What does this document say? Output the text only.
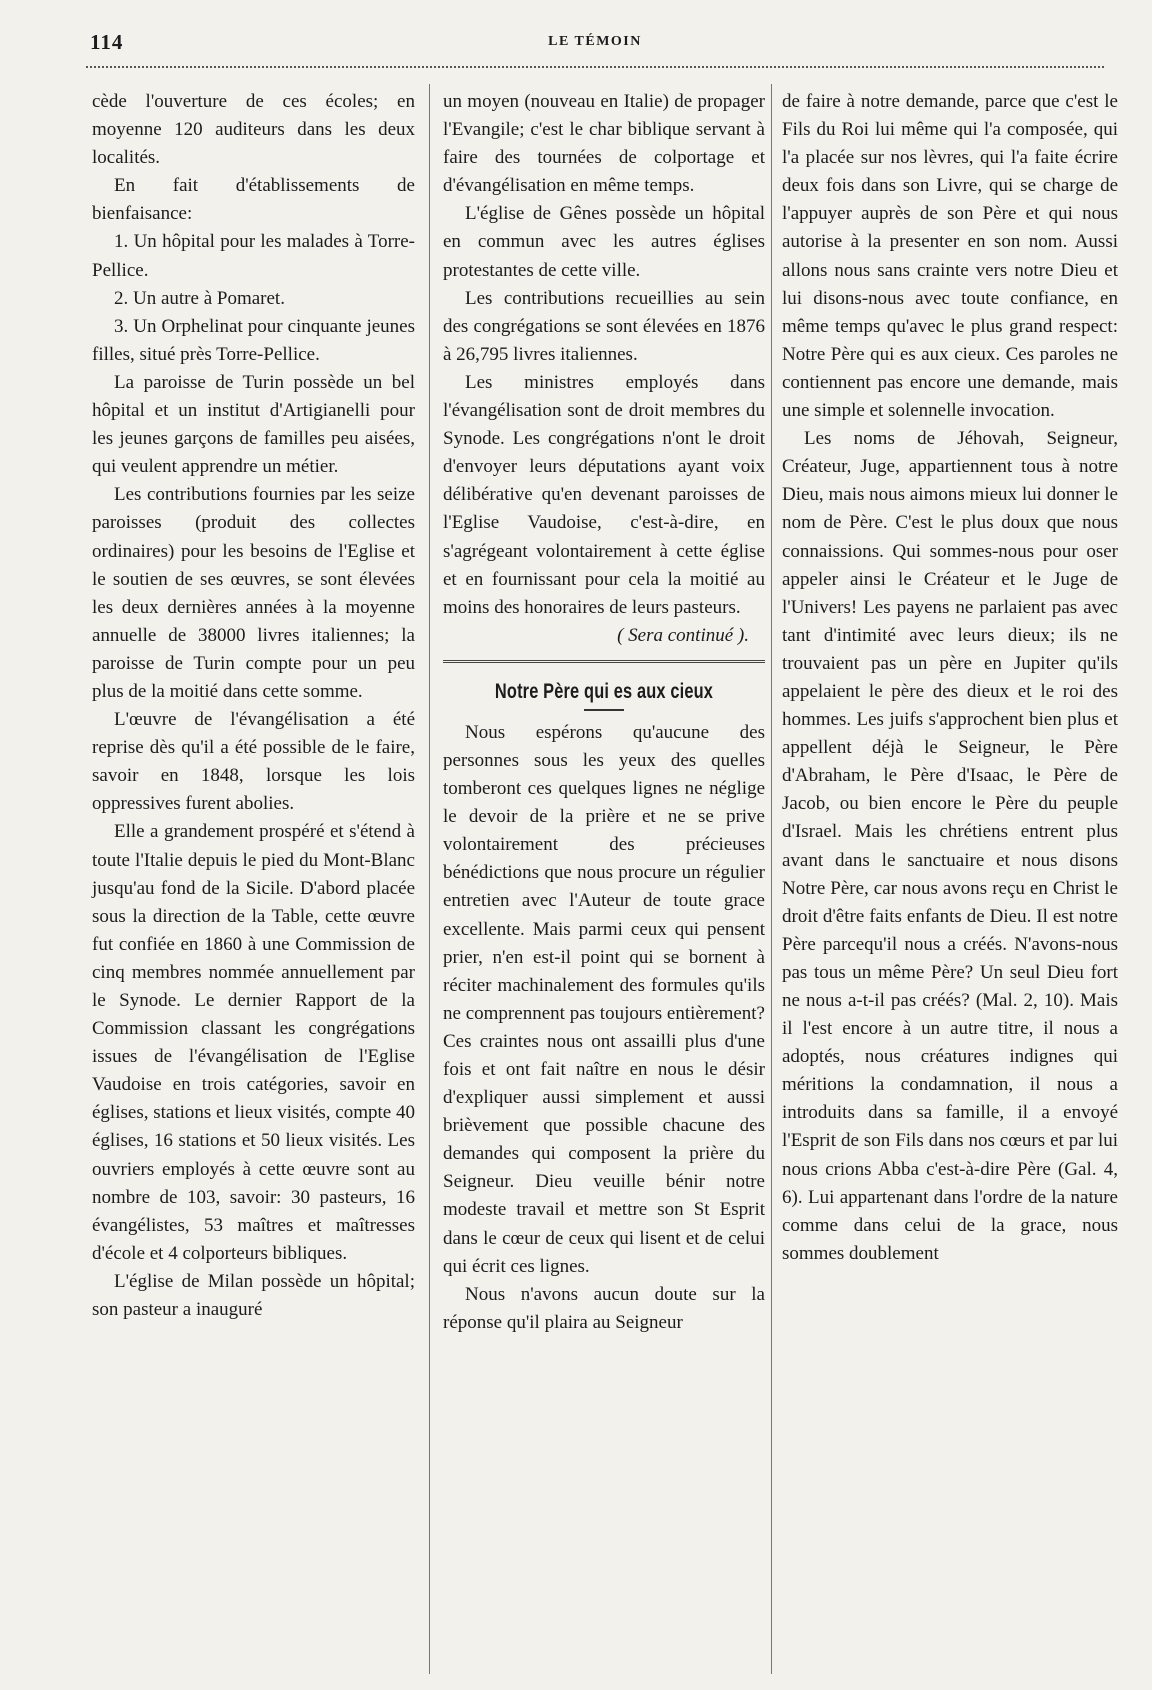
114	LE TÉMOIN

cède l'ouverture de ces écoles; en moyenne 120 auditeurs dans les deux localités.

En fait d'établissements de bienfaisance:

1. Un hôpital pour les malades à Torre-Pellice.

2. Un autre à Pomaret.

3. Un Orphelinat pour cinquante jeunes filles, situé près Torre-Pellice.

La paroisse de Turin possède un bel hôpital et un institut d'Artigianelli pour les jeunes garçons de familles peu aisées, qui veulent apprendre un métier.

Les contributions fournies par les seize paroisses (produit des collectes ordinaires) pour les besoins de l'Eglise et le soutien de ses œuvres, se sont élevées les deux dernières années à la moyenne annuelle de 38000 livres italiennes; la paroisse de Turin compte pour un peu plus de la moitié dans cette somme.

L'œuvre de l'évangélisation a été reprise dès qu'il a été possible de le faire, savoir en 1848, lorsque les lois oppressives furent abolies.

Elle a grandement prospéré et s'étend à toute l'Italie depuis le pied du Mont-Blanc jusqu'au fond de la Sicile. D'abord placée sous la direction de la Table, cette œuvre fut confiée en 1860 à une Commission de cinq membres nommée annuellement par le Synode. Le dernier Rapport de la Commission classant les congrégations issues de l'évangélisation de l'Eglise Vaudoise en trois catégories, savoir en églises, stations et lieux visités, compte 40 églises, 16 stations et 50 lieux visités. Les ouvriers employés à cette œuvre sont au nombre de 103, savoir: 30 pasteurs, 16 évangélistes, 53 maîtres et maîtresses d'école et 4 colporteurs bibliques.

L'église de Milan possède un hôpital; son pasteur a inauguré

un moyen (nouveau en Italie) de propager l'Evangile; c'est le char biblique servant à faire des tournées de colportage et d'évangélisation en même temps.

L'église de Gênes possède un hôpital en commun avec les autres églises protestantes de cette ville.

Les contributions recueillies au sein des congrégations se sont élevées en 1876 à 26,795 livres italiennes.

Les ministres employés dans l'évangélisation sont de droit membres du Synode. Les congrégations n'ont le droit d'envoyer leurs députations ayant voix délibérative qu'en devenant paroisses de l'Eglise Vaudoise, c'est-à-dire, en s'agrégeant volontairement à cette église et en fournissant pour cela la moitié au moins des honoraires de leurs pasteurs.

( Sera continué ).

Notre Père qui es aux cieux

Nous espérons qu'aucune des personnes sous les yeux des quelles tomberont ces quelques lignes ne néglige le devoir de la prière et ne se prive volontairement des précieuses bénédictions que nous procure un régulier entretien avec l'Auteur de toute grace excellente. Mais parmi ceux qui pensent prier, n'en est-il point qui se bornent à réciter machinalement des formules qu'ils ne comprennent pas toujours entièrement? Ces craintes nous ont assailli plus d'une fois et ont fait naître en nous le désir d'expliquer aussi simplement et aussi brièvement que possible chacune des demandes qui composent la prière du Seigneur. Dieu veuille bénir notre modeste travail et mettre son St Esprit dans le cœur de ceux qui lisent et de celui qui écrit ces lignes.

Nous n'avons aucun doute sur la réponse qu'il plaira au Seigneur

de faire à notre demande, parce que c'est le Fils du Roi lui même qui l'a composée, qui l'a placée sur nos lèvres, qui l'a faite écrire deux fois dans son Livre, qui se charge de l'appuyer auprès de son Père et qui nous autorise à la presenter en son nom. Aussi allons nous sans crainte vers notre Dieu et lui disons-nous avec toute confiance, en même temps qu'avec le plus grand respect: Notre Père qui es aux cieux. Ces paroles ne contiennent pas encore une demande, mais une simple et solennelle invocation.

Les noms de Jéhovah, Seigneur, Créateur, Juge, appartiennent tous à notre Dieu, mais nous aimons mieux lui donner le nom de Père. C'est le plus doux que nous connaissions. Qui sommes-nous pour oser appeler ainsi le Créateur et le Juge de l'Univers! Les payens ne parlaient pas avec tant d'intimité avec leurs dieux; ils ne trouvaient pas un père en Jupiter qu'ils appelaient le père des dieux et le roi des hommes. Les juifs s'approchent bien plus et appellent déjà le Seigneur, le Père d'Abraham, le Père d'Isaac, le Père de Jacob, ou bien encore le Père du peuple d'Israel. Mais les chrétiens entrent plus avant dans le sanctuaire et nous disons Notre Père, car nous avons reçu en Christ le droit d'être faits enfants de Dieu. Il est notre Père parcequ'il nous a créés. N'avons-nous pas tous un même Père? Un seul Dieu fort ne nous a-t-il pas créés? (Mal. 2, 10). Mais il l'est encore à un autre titre, il nous a adoptés, nous créatures indignes qui méritions la condamnation, il nous a introduits dans sa famille, il a envoyé l'Esprit de son Fils dans nos cœurs et par lui nous crions Abba c'est-à-dire Père (Gal. 4, 6). Lui appartenant dans l'ordre de la nature comme dans celui de la grace, nous sommes doublement
